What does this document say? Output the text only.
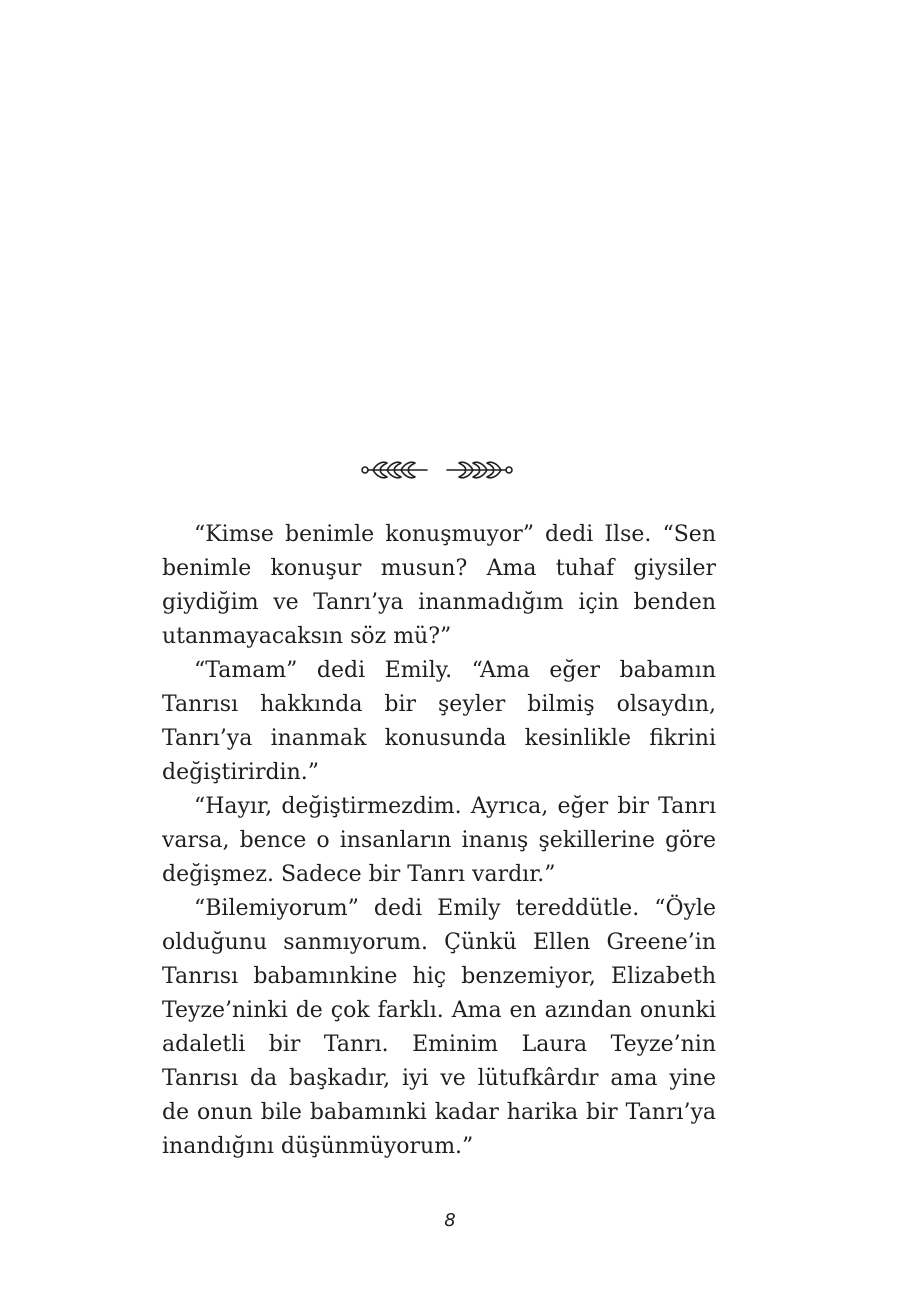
“Kimse benimle konuşmuyor” dedi Ilse. “Sen benimle konuşur musun? Ama tuhaf giysiler giydiğim ve Tanrı’ya inanmadığım için benden utanmayacaksın söz mü?”

“Tamam” dedi Emily. “Ama eğer babamın Tanrısı hakkında bir şeyler bilmiş olsaydın, Tanrı’ya inanmak konusunda kesinlikle fikrini değiştirirdin.”

“Hayır, değiştirmezdim. Ayrıca, eğer bir Tanrı varsa, bence o insanların inanış şekillerine göre değişmez. Sadece bir Tanrı vardır.”

“Bilemiyorum” dedi Emily tereddütle. “Öyle olduğunu sanmıyorum. Çünkü Ellen Greene’in Tanrısı babamınkine hiç benzemiyor, Elizabeth Teyze’ninki de çok farklı. Ama en azından onunki adaletli bir Tanrı. Eminim Laura Teyze’nin Tanrısı da başkadır, iyi ve lütufkârdır ama yine de onun bile babamınki kadar harika bir Tanrı’ya inandığını düşünmüyorum.”

8
